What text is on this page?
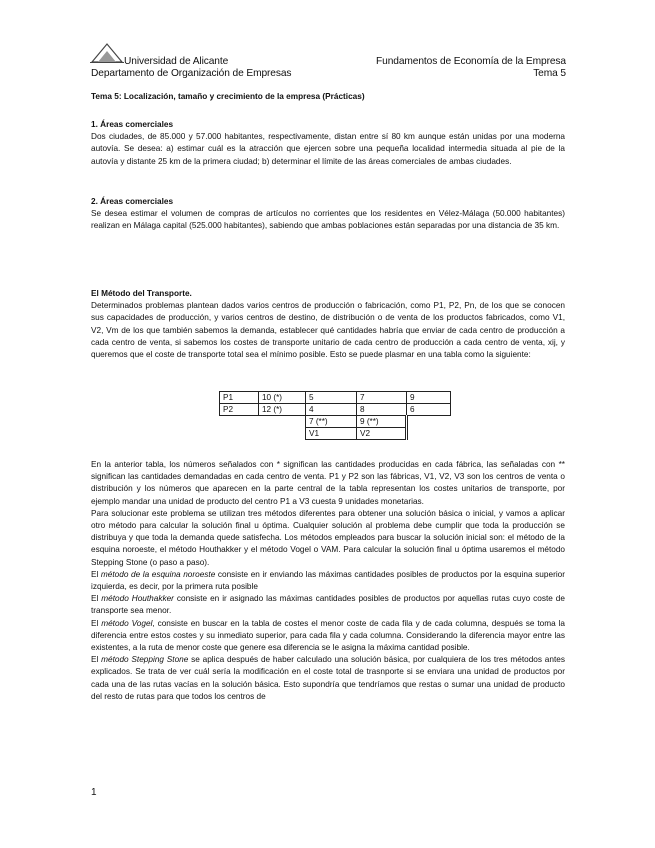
Universidad de Alicante
Departamento de Organización de Empresas
Fundamentos de Economía de la Empresa
Tema 5
Tema 5: Localización, tamaño y crecimiento de la empresa (Prácticas)

1. Áreas comerciales

Dos ciudades, de 85.000 y 57.000 habitantes, respectivamente, distan entre sí 80 km aunque están unidas por una moderna autovía. Se desea: a) estimar cuál es la atracción que ejercen sobre una pequeña localidad intermedia situada al pie de la autovía y distante 25 km de la primera ciudad; b) determinar el límite de las áreas comerciales de ambas ciudades.

2. Áreas comerciales

Se desea estimar el volumen de compras de artículos no corrientes que los residentes en Vélez-Málaga (50.000 habitantes) realizan en Málaga capital (525.000 habitantes), sabiendo que ambas poblaciones están separadas por una distancia de 35 km.

El Método del Transporte.

Determinados problemas plantean dados varios centros de producción o fabricación, como P1, P2, Pn, de los que se conocen sus capacidades de producción, y varios centros de destino, de distribución o de venta de los productos fabricados, como V1, V2, Vm de los que también sabemos la demanda, establecer qué cantidades habría que enviar de cada centro de producción a cada centro de venta, si sabemos los costes de transporte unitario de cada centro de producción a cada centro de venta, xij, y queremos que el coste de transporte total sea el mínimo posible. Esto se puede plasmar en una tabla como la siguiente:

P1	10 (*)	5	7	9
P2	12 (*)	4	8	6
		7 (**)	9 (**)	
		V1	V2	

En la anterior tabla, los números señalados con * significan las cantidades producidas en cada fábrica, las señaladas con ** significan las cantidades demandadas en cada centro de venta. P1 y P2 son las fábricas, V1, V2, V3 son los centros de venta o distribución y los números que aparecen en la parte central de la tabla representan los costes unitarios de transporte, por ejemplo mandar una unidad de producto del centro P1 a V3 cuesta 9 unidades monetarias.

Para solucionar este problema se utilizan tres métodos diferentes para obtener una solución básica o inicial, y vamos a aplicar otro método para calcular la solución final u óptima. Cualquier solución al problema debe cumplir que toda la producción se distribuya y que toda la demanda quede satisfecha. Los métodos empleados para buscar la solución inicial son: el método de la esquina noroeste, el método Houthakker y el método Vogel o VAM. Para calcular la solución final u óptima usaremos el método Stepping Stone (o paso a paso).

El método de la esquina noroeste consiste en ir enviando las máximas cantidades posibles de productos por la esquina superior izquierda, es decir, por la primera ruta posible

El método Houthakker consiste en ir asignado las máximas cantidades posibles de productos por aquellas rutas cuyo coste de transporte sea menor.

El método Vogel, consiste en buscar en la tabla de costes el menor coste de cada fila y de cada columna, después se toma la diferencia entre estos costes y su inmediato superior, para cada fila y cada columna. Considerando la diferencia mayor entre las existentes, a la ruta de menor coste que genere esa diferencia se le asigna la máxima cantidad posible.

El método Stepping Stone se aplica después de haber calculado una solución básica, por cualquiera de los tres métodos antes explicados. Se trata de ver cuál sería la modificación en el coste total de trasnporte si se enviara una unidad de productos por cada una de las rutas vacías en la solución básica. Esto supondría que tendríamos que restas o sumar una unidad de producto del resto de rutas para que todos los centros de

1
